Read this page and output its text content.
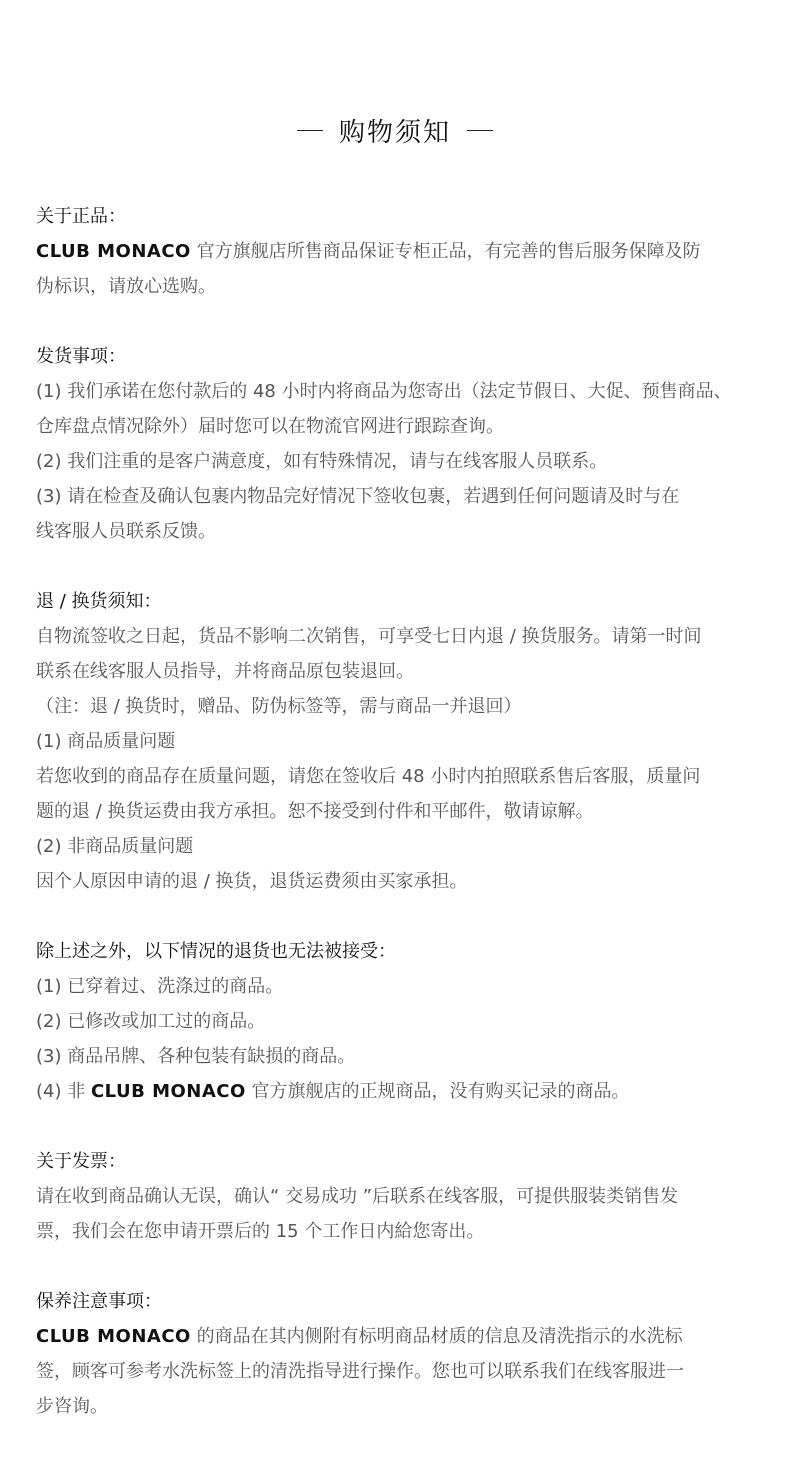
购物须知
关于正品：
CLUB MONACO 官方旗舰店所售商品保证专柜正品，有完善的售后服务保障及防
伪标识，请放心选购。
发货事项：
(1) 我们承诺在您付款后的 48 小时内将商品为您寄出（法定节假日、大促、预售商品、
仓库盘点情况除外）届时您可以在物流官网进行跟踪查询。
(2) 我们注重的是客户满意度，如有特殊情况，请与在线客服人员联系。
(3) 请在检查及确认包裹内物品完好情况下签收包裹，若遇到任何问题请及时与在
线客服人员联系反馈。
退 / 换货须知：
自物流签收之日起，货品不影响二次销售，可享受七日内退 / 换货服务。请第一时间
联系在线客服人员指导，并将商品原包装退回。
（注：退 / 换货时，赠品、防伪标签等，需与商品一并退回）
(1) 商品质量问题
若您收到的商品存在质量问题，请您在签收后 48 小时内拍照联系售后客服，质量问
题的退 / 换货运费由我方承担。恕不接受到付件和平邮件，敬请谅解。
(2) 非商品质量问题
因个人原因申请的退 / 换货，退货运费须由买家承担。
除上述之外，以下情况的退货也无法被接受：
(1) 已穿着过、洗涤过的商品。
(2) 已修改或加工过的商品。
(3) 商品吊牌、各种包装有缺损的商品。
(4) 非 CLUB MONACO 官方旗舰店的正规商品，没有购买记录的商品。
关于发票：
请在收到商品确认无误，确认“ 交易成功 ”后联系在线客服，可提供服装类销售发
票，我们会在您申请开票后的 15 个工作日内給您寄出。
保养注意事项：
CLUB MONACO 的商品在其内侧附有标明商品材质的信息及清洗指示的水洗标
签，顾客可参考水洗标签上的清洗指导进行操作。您也可以联系我们在线客服进一
步咨询。
